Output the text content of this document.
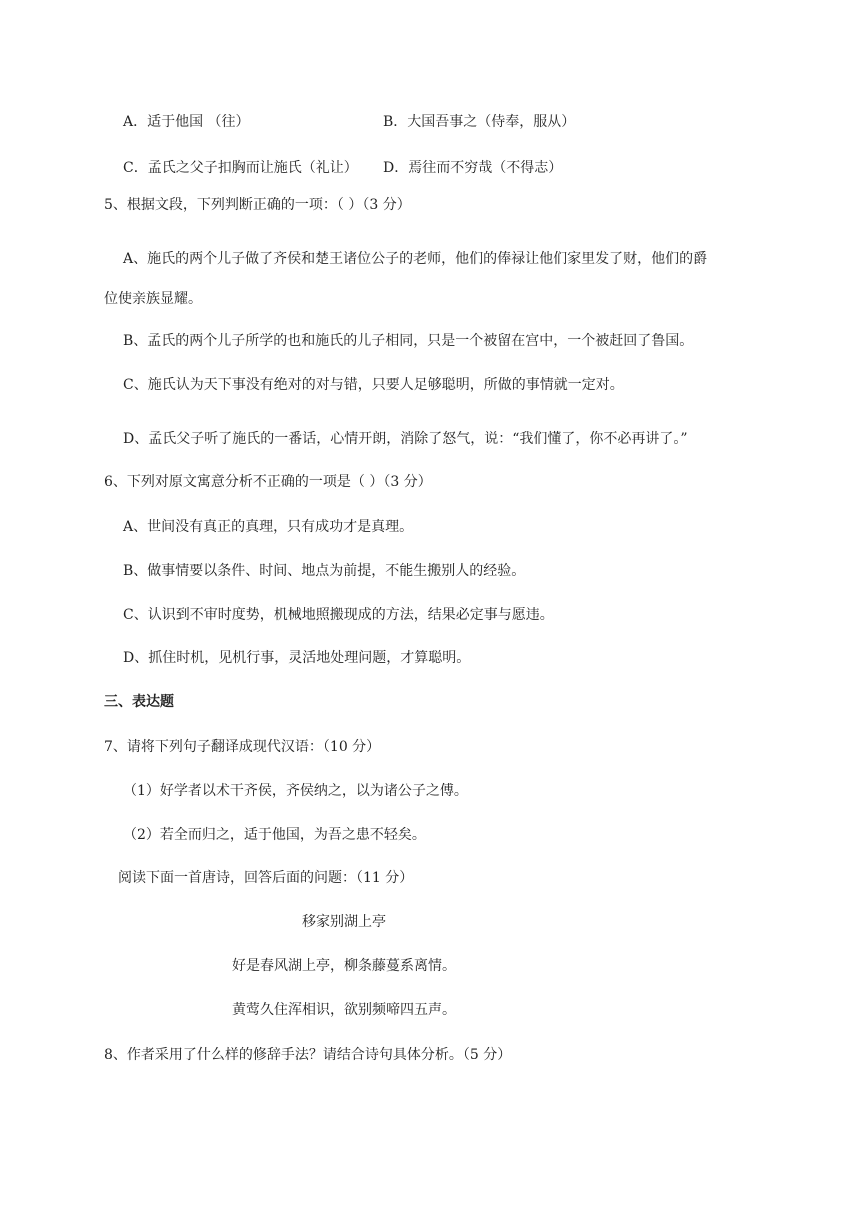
A．适于他国 （往）	B．大国吾事之（侍奉，服从）
C．孟氏之父子扣胸而让施氏（礼让） D．焉往而不穷哉（不得志）
5、根据文段，下列判断正确的一项：（ ）（3 分）
A、施氏的两个儿子做了齐侯和楚王诸位公子的老师，他们的俸禄让他们家里发了财，他们的爵
位使亲族显耀。
B、孟氏的两个儿子所学的也和施氏的儿子相同，只是一个被留在宫中，一个被赶回了鲁国。
C、施氏认为天下事没有绝对的对与错，只要人足够聪明，所做的事情就一定对。
D、孟氏父子听了施氏的一番话，心情开朗，消除了怒气，说：“我们懂了，你不必再讲了。”
6、下列对原文寓意分析不正确的一项是（ ）（3 分）
A、世间没有真正的真理，只有成功才是真理。
B、做事情要以条件、时间、地点为前提，不能生搬别人的经验。
C、认识到不审时度势，机械地照搬现成的方法，结果必定事与愿违。
D、抓住时机，见机行事，灵活地处理问题，才算聪明。
三、表达题
7、请将下列句子翻译成现代汉语：（10 分）
（1）好学者以术干齐侯，齐侯纳之，以为诸公子之傅。
（2）若全而归之，适于他国，为吾之患不轻矣。
阅读下面一首唐诗，回答后面的问题：（11 分）
移家别湖上亭
好是春风湖上亭，柳条藤蔓系离情。
黄莺久住浑相识，欲别频啼四五声。
8、作者采用了什么样的修辞手法？请结合诗句具体分析。（5 分）
